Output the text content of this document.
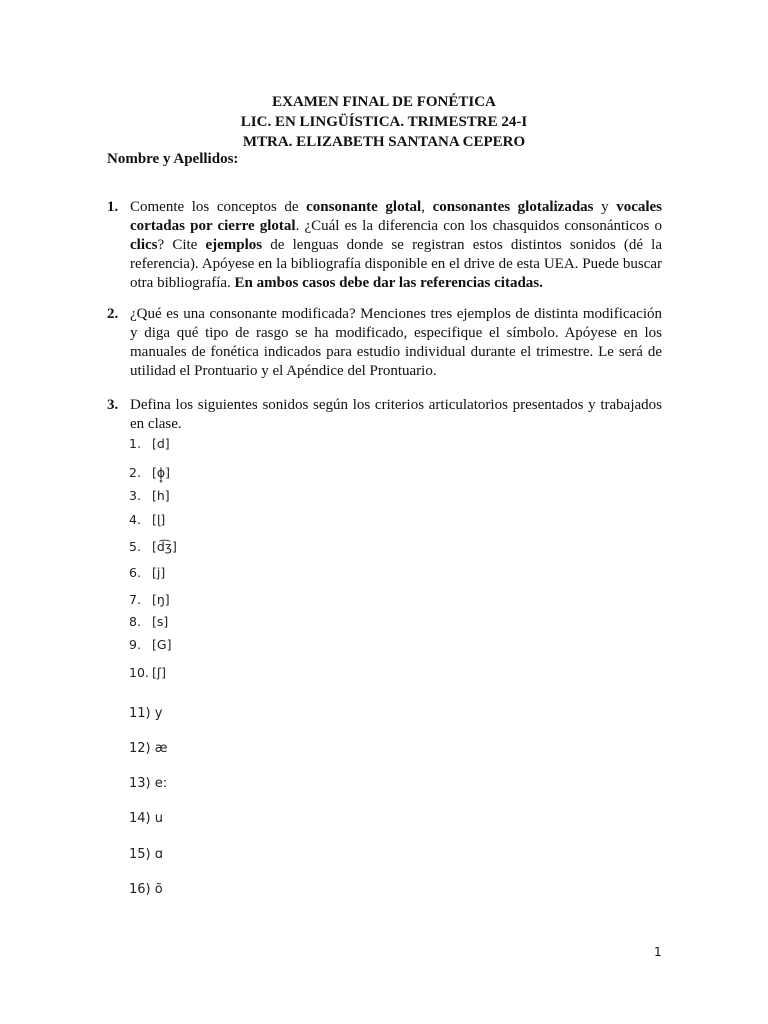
EXAMEN FINAL DE FONÉTICA
LIC. EN LINGÜÍSTICA. TRIMESTRE 24-I
MTRA. ELIZABETH SANTANA CEPERO
Nombre y Apellidos:
1. Comente los conceptos de consonante glotal, consonantes glotalizadas y vocales cortadas por cierre glotal. ¿Cuál es la diferencia con los chasquidos consonánticos o clics? Cite ejemplos de lenguas donde se registran estos distintos sonidos (dé la referencia). Apóyese en la bibliografía disponible en el drive de esta UEA. Puede buscar otra bibliografía. En ambos casos debe dar las referencias citadas.
2. ¿Qué es una consonante modificada? Menciones tres ejemplos de distinta modificación y diga qué tipo de rasgo se ha modificado, especifique el símbolo. Apóyese en los manuales de fonética indicados para estudio individual durante el trimestre. Le será de utilidad el Prontuario y el Apéndice del Prontuario.
3. Defina los siguientes sonidos según los criterios articulatorios presentados y trabajados en clase.
1. [d]
2. [ɸ̥]
3. [h]
4. [ɭ]
5. [d͡ʒ]
6. [j]
7. [ŋ]
8. [s]
9. [G]
10. [ʃ]
11) y
12) æ
13) e:
14) u
15) ɑ
16) õ
1
